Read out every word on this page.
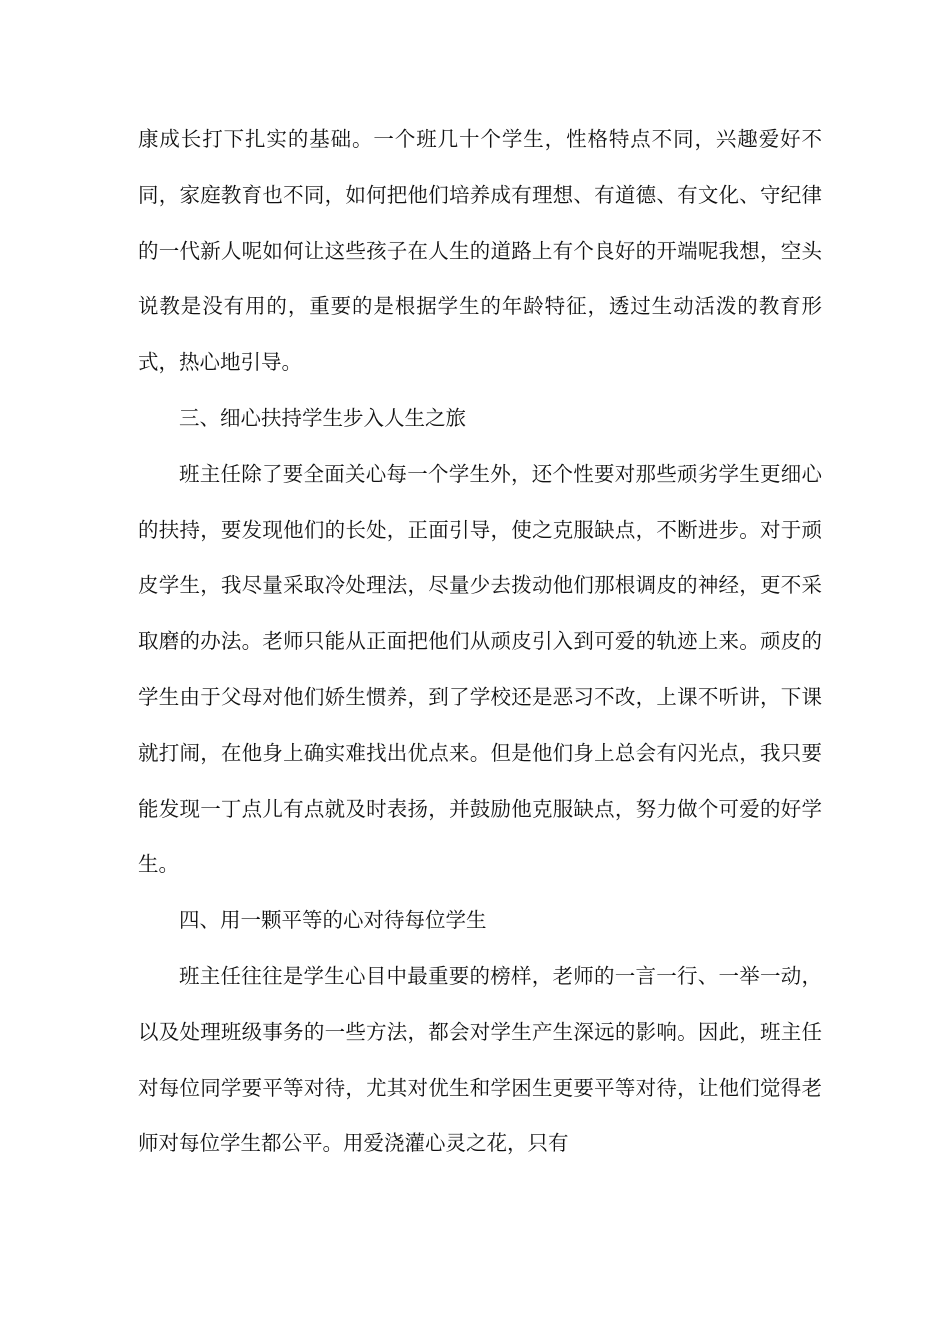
康成长打下扎实的基础。一个班几十个学生，性格特点不同，兴趣爱好不同，家庭教育也不同，如何把他们培养成有理想、有道德、有文化、守纪律的一代新人呢如何让这些孩子在人生的道路上有个良好的开端呢我想，空头说教是没有用的，重要的是根据学生的年龄特征，透过生动活泼的教育形式，热心地引导。

三、细心扶持学生步入人生之旅

班主任除了要全面关心每一个学生外，还个性要对那些顽劣学生更细心的扶持，要发现他们的长处，正面引导，使之克服缺点，不断进步。对于顽皮学生，我尽量采取冷处理法，尽量少去拨动他们那根调皮的神经，更不采取磨的办法。老师只能从正面把他们从顽皮引入到可爱的轨迹上来。顽皮的学生由于父母对他们娇生惯养，到了学校还是恶习不改，上课不听讲，下课就打闹，在他身上确实难找出优点来。但是他们身上总会有闪光点，我只要能发现一丁点儿有点就及时表扬，并鼓励他克服缺点，努力做个可爱的好学生。

四、用一颗平等的心对待每位学生

班主任往往是学生心目中最重要的榜样，老师的一言一行、一举一动，以及处理班级事务的一些方法，都会对学生产生深远的影响。因此，班主任对每位同学要平等对待，尤其对优生和学困生更要平等对待，让他们觉得老师对每位学生都公平。用爱浇灌心灵之花，只有
